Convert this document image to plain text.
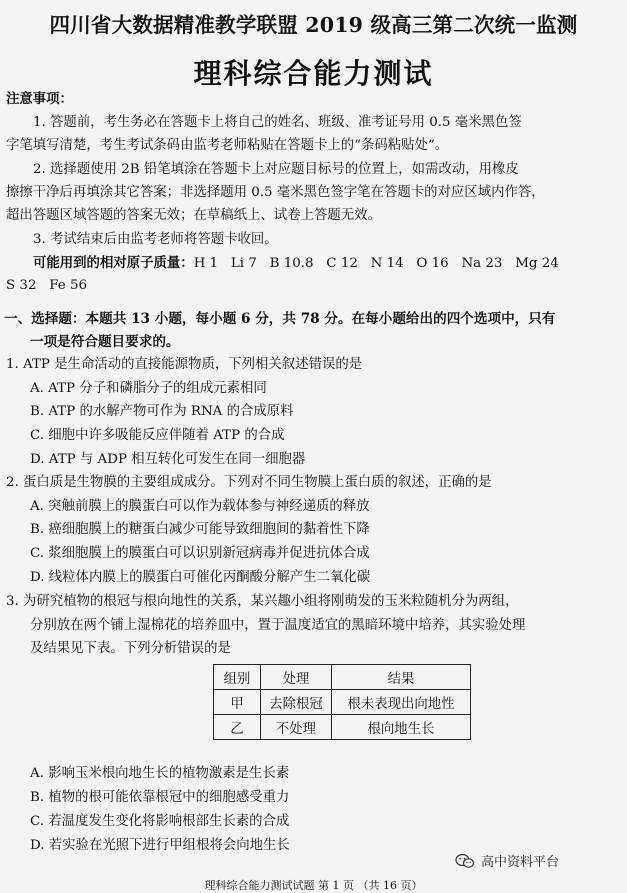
四川省大数据精准教学联盟 2019 级高三第二次统一监测
理科综合能力测试
注意事项：
1. 答题前，考生务必在答题卡上将自己的姓名、班级、准考证号用 0.5 毫米黑色签
字笔填写清楚，考生考试条码由监考老师粘贴在答题卡上的“条码粘贴处”。
2. 选择题使用 2B 铅笔填涂在答题卡上对应题目标号的位置上，如需改动，用橡皮
擦擦干净后再填涂其它答案；非选择题用 0.5 毫米黑色签字笔在答题卡的对应区域内作答，
超出答题区域答题的答案无效；在草稿纸上、试卷上答题无效。
3. 考试结束后由监考老师将答题卡收回。
可能用到的相对原子质量：H 1   Li 7   B 10.8   C 12   N 14   O 16   Na 23   Mg 24
S 32   Fe 56
一、选择题：本题共 13 小题，每小题 6 分，共 78 分。在每小题给出的四个选项中，只有
一项是符合题目要求的。
1. ATP 是生命活动的直接能源物质，下列相关叙述错误的是
A. ATP 分子和磷脂分子的组成元素相同
B. ATP 的水解产物可作为 RNA 的合成原料
C. 细胞中许多吸能反应伴随着 ATP 的合成
D. ATP 与 ADP 相互转化可发生在同一细胞器
2. 蛋白质是生物膜的主要组成成分。下列对不同生物膜上蛋白质的叙述，正确的是
A. 突触前膜上的膜蛋白可以作为载体参与神经递质的释放
B. 癌细胞膜上的糖蛋白减少可能导致细胞间的黏着性下降
C. 浆细胞膜上的膜蛋白可以识别新冠病毒并促进抗体合成
D. 线粒体内膜上的膜蛋白可催化丙酮酸分解产生二氧化碳
3. 为研究植物的根冠与根向地性的关系，某兴趣小组将刚萌发的玉米粒随机分为两组，
分别放在两个铺上湿棉花的培养皿中，置于温度适宜的黑暗环境中培养，其实验处理
及结果见下表。下列分析错误的是
组别	处理	结果
甲	去除根冠	根未表现出向地性
乙	不处理	根向地生长
A. 影响玉米根向地生长的植物激素是生长素
B. 植物的根可能依靠根冠中的细胞感受重力
C. 若温度发生变化将影响根部生长素的合成
D. 若实验在光照下进行甲组根将会向地生长
高中资料平台
理科综合能力测试试题 第 1 页 （共 16 页）
